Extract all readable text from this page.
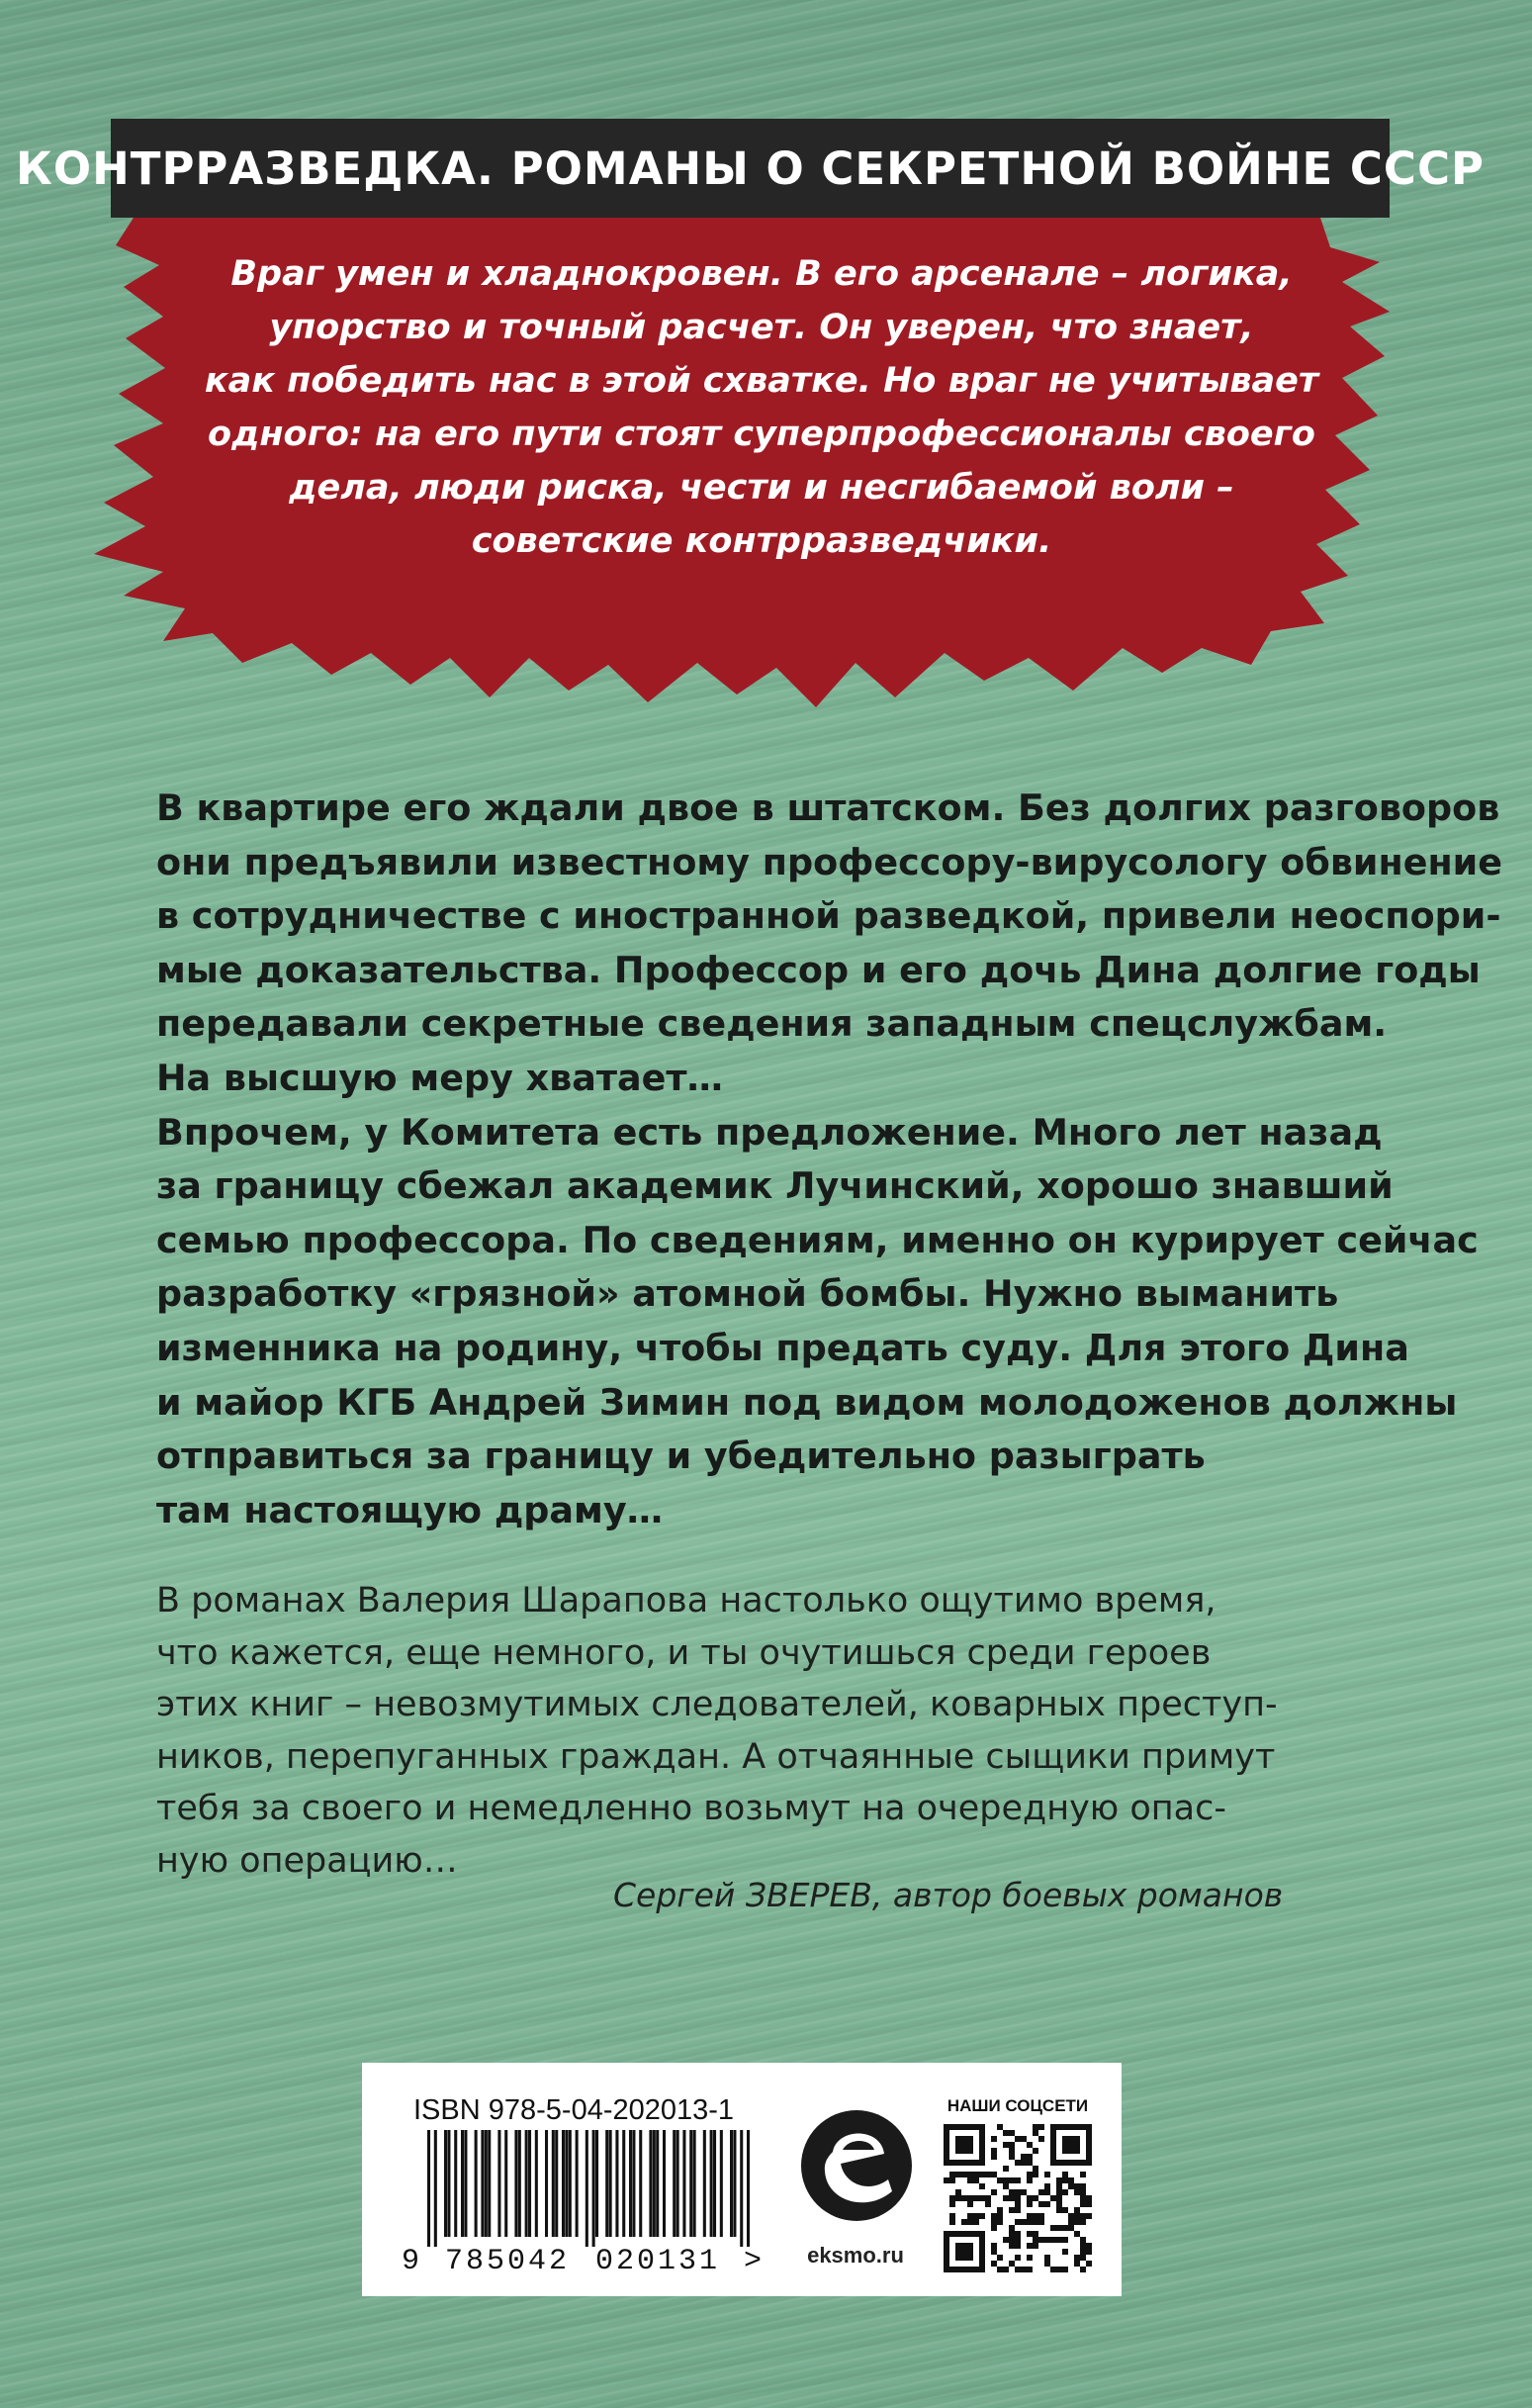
КОНТРРАЗВЕДКА. РОМАНЫ О СЕКРЕТНОЙ ВОЙНЕ СССР
Враг умен и хладнокровен. В его арсенале – логика,
упорство и точный расчет. Он уверен, что знает,
как победить нас в этой схватке. Но враг не учитывает
одного: на его пути стоят суперпрофессионалы своего
дела, люди риска, чести и несгибаемой воли –
советские контрразведчики.
В квартире его ждали двое в штатском. Без долгих разговоров
они предъявили известному профессору-вирусологу обвинение
в сотрудничестве с иностранной разведкой, привели неоспори-
мые доказательства. Профессор и его дочь Дина долгие годы
передавали секретные сведения западным спецслужбам.
На высшую меру хватает…
Впрочем, у Комитета есть предложение. Много лет назад
за границу сбежал академик Лучинский, хорошо знавший
семью профессора. По сведениям, именно он курирует сейчас
разработку «грязной» атомной бомбы. Нужно выманить
изменника на родину, чтобы предать суду. Для этого Дина
и майор КГБ Андрей Зимин под видом молодоженов должны
отправиться за границу и убедительно разыграть
там настоящую драму…
В романах Валерия Шарапова настолько ощутимо время,
что кажется, еще немного, и ты очутишься среди героев
этих книг – невозмутимых следователей, коварных преступ-
ников, перепуганных граждан. А отчаянные сыщики примут
тебя за своего и немедленно возьмут на очередную опас-
ную операцию…
Сергей ЗВЕРЕВ, автор боевых романов
ISBN 978-5-04-202013-1
9 785042 020131 >	eksmo.ru
НАШИ СОЦСЕТИ
